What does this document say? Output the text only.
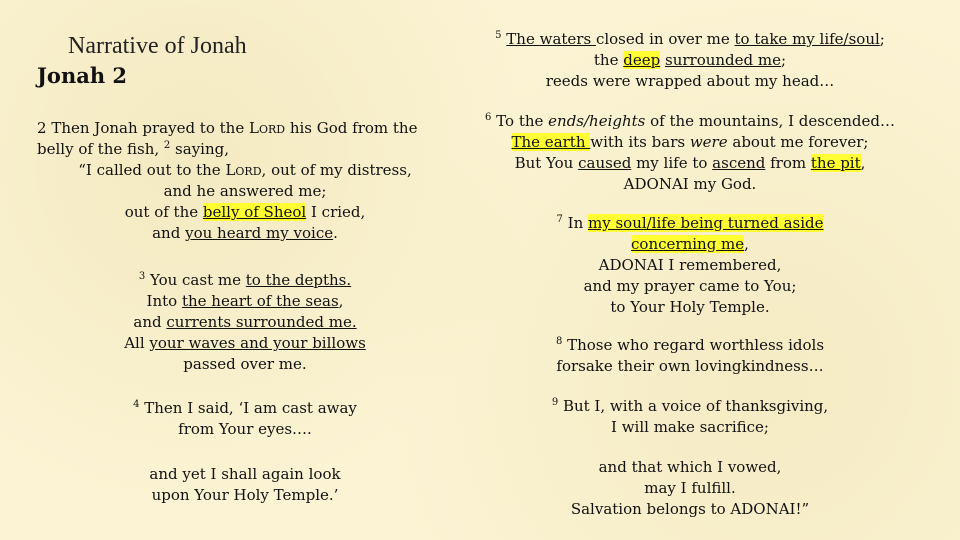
Narrative of Jonah
Jonah 2
2 Then Jonah prayed to the Lord his God from the
belly of the fish, $^2$ saying,
“I called out to the Lord, out of my distress,
and he answered me;
out of the belly of Sheol I cried,
and you heard my voice.
$^3$ You cast me to the depths.
Into the heart of the seas,
and currents surrounded me.
All your waves and your billows
passed over me.
$^4$ Then I said, ‘I am cast away
from Your eyes….
and yet I shall again look
upon Your Holy Temple.’
$^5$ The waters closed in over me to take my life/soul;
the deep surrounded me;
reeds were wrapped about my head…
$^6$ To the ends/heights of the mountains, I descended…
The earth with its bars were about me forever;
But You caused my life to ascend from the pit,
ADONAI my God.
$^7$ In my soul/life being turned aside
concerning me,
ADONAI I remembered,
and my prayer came to You;
to Your Holy Temple.
$^8$ Those who regard worthless idols
forsake their own lovingkindness…
$^9$ But I, with a voice of thanksgiving,
I will make sacrifice;
and that which I vowed,
may I fulfill.
Salvation belongs to ADONAI!”
